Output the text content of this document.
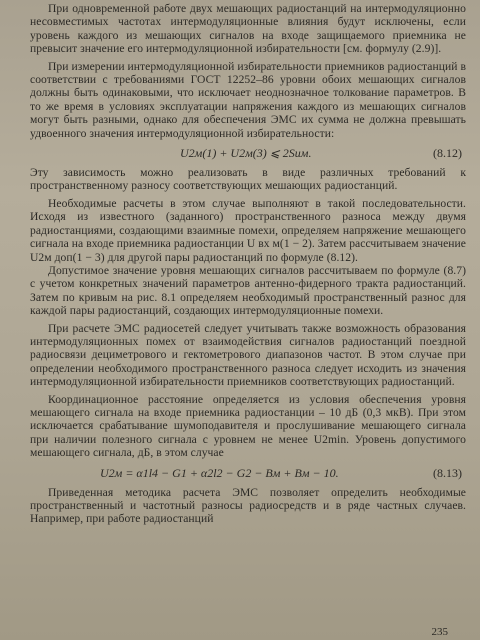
При одновременной работе двух мешающих радиостанций на интермодуляционно несовместимых частотах интермодуляционные влияния будут исключены, если уровень каждого из мешающих сигналов на входе защищаемого приемника не превысит значение его интермодуляционной избирательности [см. формулу (2.9)].

При измерении интермодуляционной избирательности приемников радиостанций в соответствии с требованиями ГОСТ 12252–86 уровни обоих мешающих сигналов должны быть одинаковыми, что исключает неоднозначное толкование параметров. В то же время в условиях эксплуатации напряжения каждого из мешающих сигналов могут быть разными, однако для обеспечения ЭМС их сумма не должна превышать удвоенного значения интермодуляционной избирательности:

U2м(1) + U2м(3) ⩽ 2Sим.	(8.12)

Эту зависимость можно реализовать в виде различных требований к пространственному разносу соответствующих мешающих радиостанций.

Необходимые расчеты в этом случае выполняют в такой последовательности. Исходя из известного (заданного) пространственного разноса между двумя радиостанциями, создающими взаимные помехи, определяем напряжение мешающего сигнала на входе приемника радиостанции U вх м(1 − 2). Затем рассчитываем значение U2м доп(1 − 3) для другой пары радиостанций по формуле (8.12).

Допустимое значение уровня мешающих сигналов рассчитываем по формуле (8.7) с учетом конкретных значений параметров антенно-фидерного тракта радиостанций. Затем по кривым на рис. 8.1 определяем необходимый пространственный разнос для каждой пары радиостанций, создающих интермодуляционные помехи.

При расчете ЭМС радиосетей следует учитывать также возможность образования интермодуляционных помех от взаимодействия сигналов радиостанций поездной радиосвязи дециметрового и гектометрового диапазонов частот. В этом случае при определении необходимого пространственного разноса следует исходить из значения интермодуляционной избирательности приемников соответствующих радиостанций.

Координационное расстояние определяется из условия обеспечения уровня мешающего сигнала на входе приемника радиостанции – 10 дБ (0,3 мкВ). При этом исключается срабатывание шумоподавителя и прослушивание мешающего сигнала при наличии полезного сигнала с уровнем не менее U2min. Уровень допустимого мешающего сигнала, дБ, в этом случае

U2м = α1l4 − G1 + α2l2 − G2 − Bм + Bм − 10.	(8.13)

Приведенная методика расчета ЭМС позволяет определить необходимые пространственный и частотный разносы радиосредств и в ряде частных случаев. Например, при работе радиостанций

235
